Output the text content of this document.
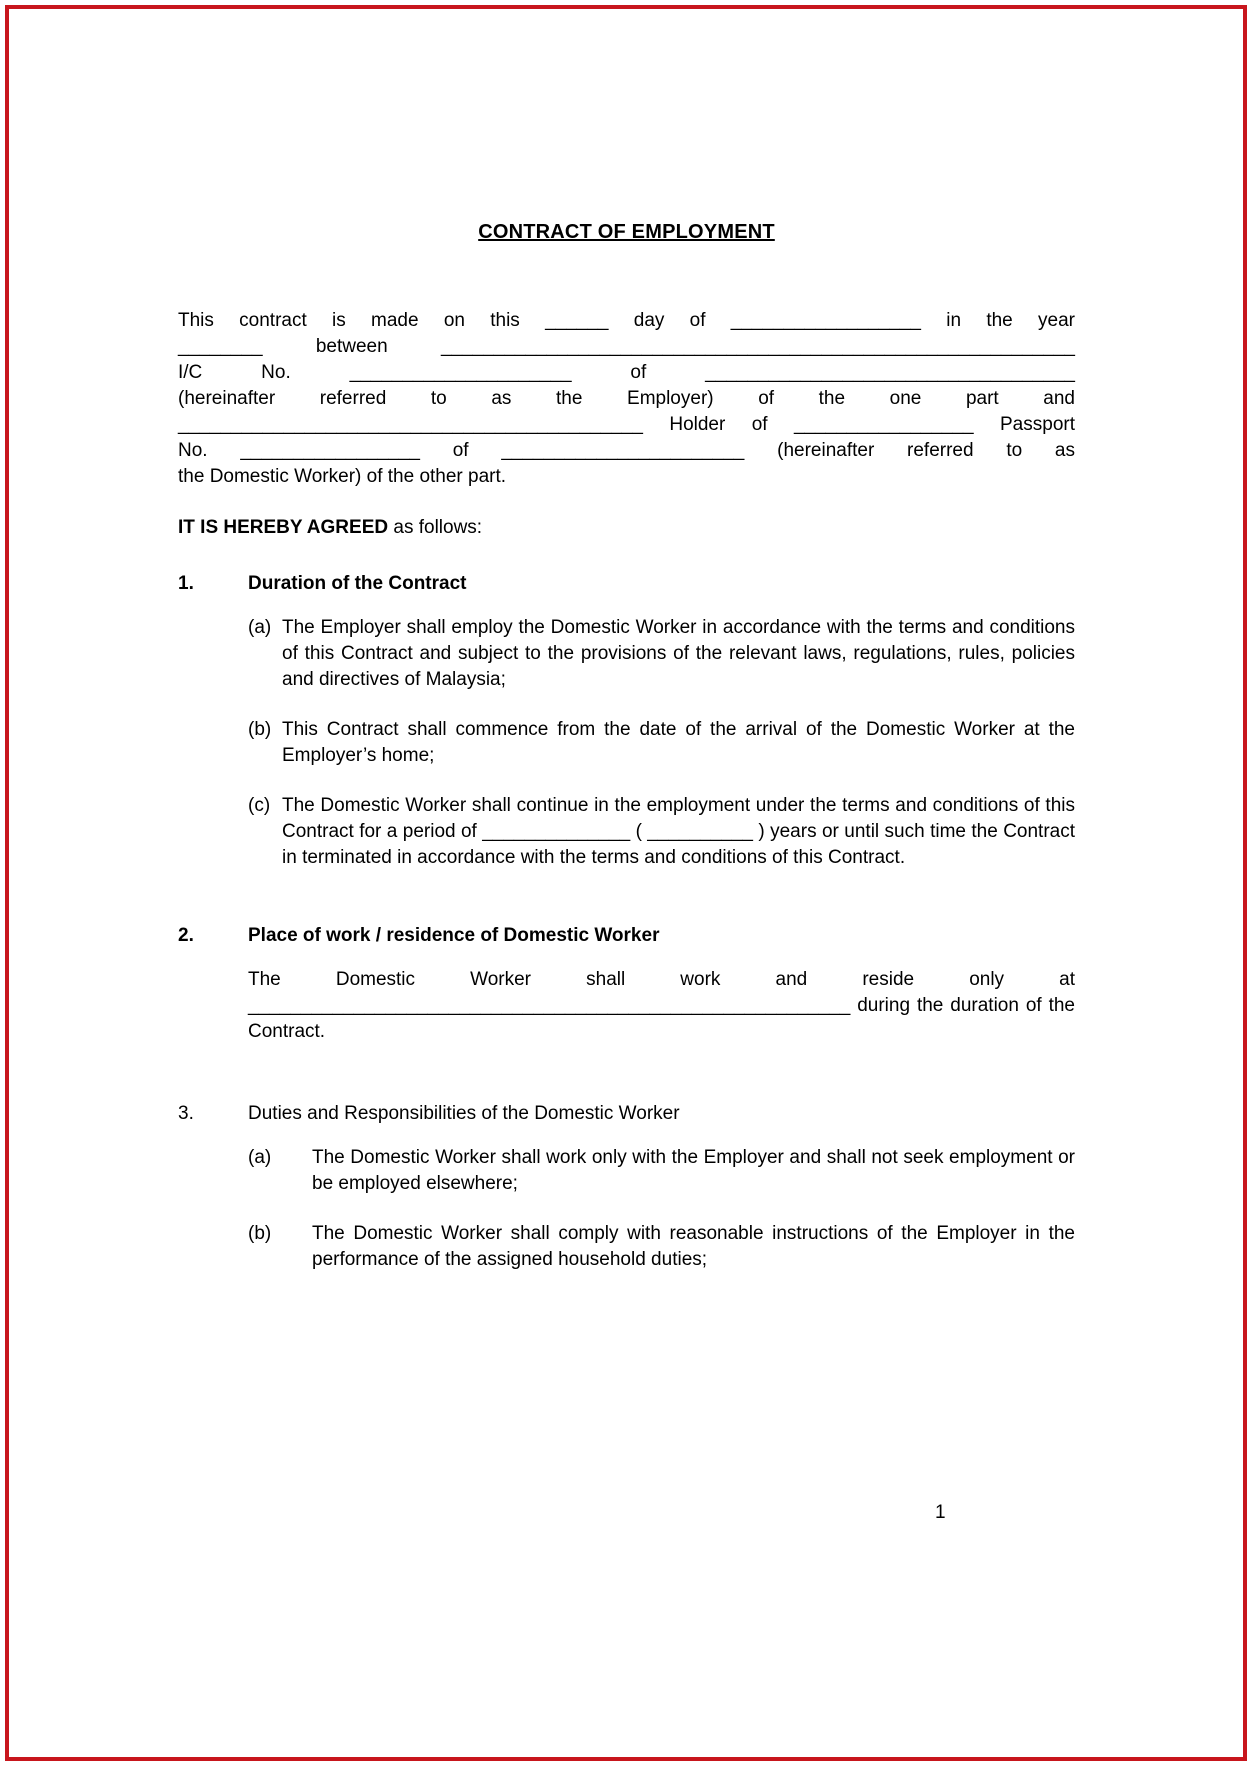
CONTRACT OF EMPLOYMENT
This contract is made on this ______ day of __________________ in the year
________ between ____________________________________________________________
I/C No. _____________________ of ___________________________________
(hereinafter referred to as the Employer) of the one part and
____________________________________________ Holder of _________________ Passport
No. _________________ of _______________________ (hereinafter referred to as
the Domestic Worker) of the other part.

IT IS HEREBY AGREED as follows:

1.	Duration of the Contract
(a) The Employer shall employ the Domestic Worker in accordance with the terms and conditions of this Contract and subject to the provisions of the relevant laws, regulations, rules, policies and directives of Malaysia;

(b) This Contract shall commence from the date of the arrival of the Domestic Worker at the Employer’s home;

(c) The Domestic Worker shall continue in the employment under the terms and conditions of this Contract for a period of ______________ ( __________ ) years or until such time the Contract in terminated in accordance with the terms and conditions of this Contract.

2.	Place of work / residence of Domestic Worker

The Domestic Worker shall work and reside only at _________________________________________________________ during the duration of the Contract.

3.	Duties and Responsibilities of the Domestic Worker
(a)	The Domestic Worker shall work only with the Employer and shall not seek employment or be employed elsewhere;

(b)	The Domestic Worker shall comply with reasonable instructions of the Employer in the performance of the assigned household duties;

1
